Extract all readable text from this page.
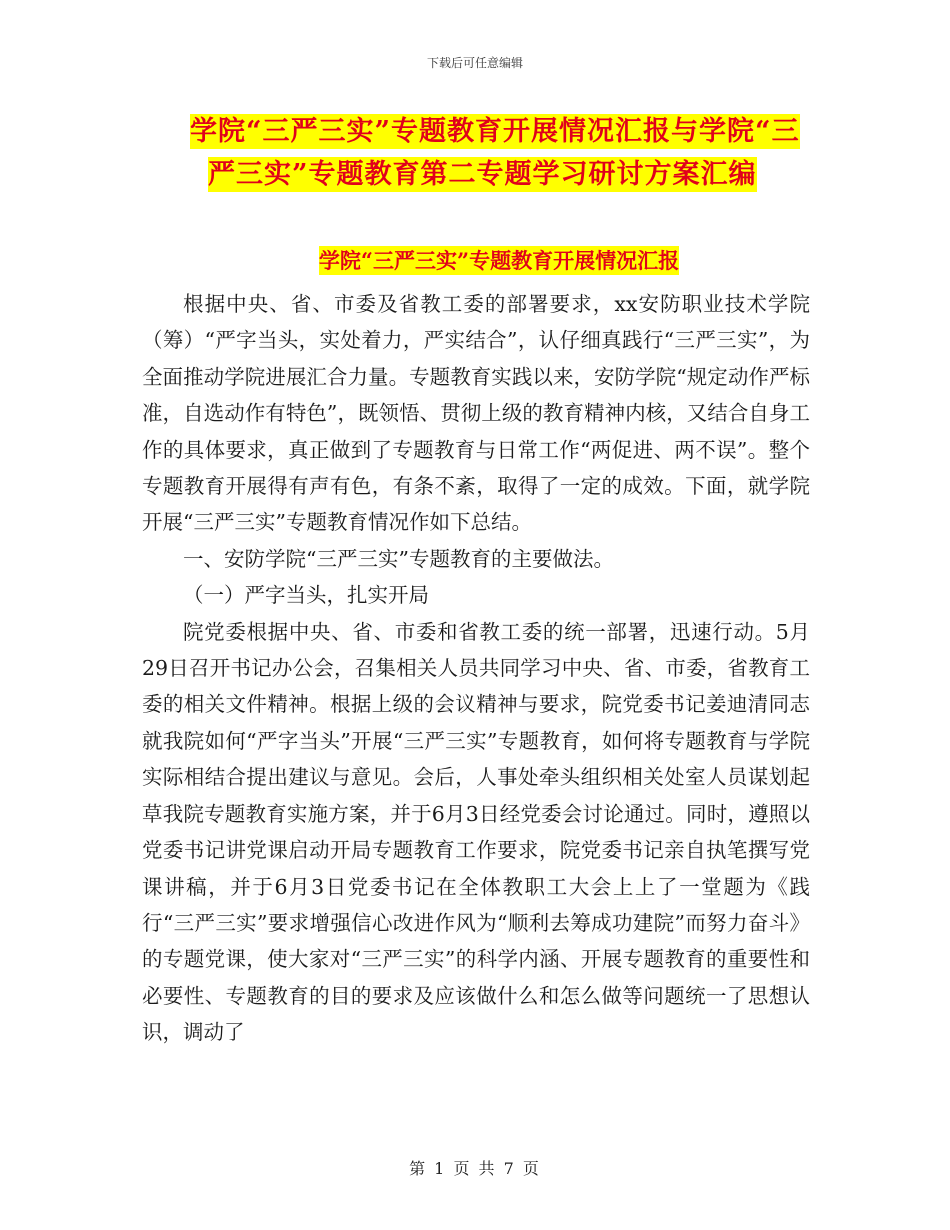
下载后可任意编辑
学院“三严三实”专题教育开展情况汇报与学院“三
严三实”专题教育第二专题学习研讨方案汇编
学院“三严三实”专题教育开展情况汇报

根据中央、省、市委及省教工委的部署要求，xx安防职业技术学院（筹）“严字当头，实处着力，严实结合”，认仔细真践行“三严三实”，为全面推动学院进展汇合力量。专题教育实践以来，安防学院“规定动作严标准，自选动作有特色”，既领悟、贯彻上级的教育精神内核，又结合自身工作的具体要求，真正做到了专题教育与日常工作“两促进、两不误”。整个专题教育开展得有声有色，有条不紊，取得了一定的成效。下面，就学院开展“三严三实”专题教育情况作如下总结。

一、安防学院“三严三实”专题教育的主要做法。

（一）严字当头，扎实开局

院党委根据中央、省、市委和省教工委的统一部署，迅速行动。5月29日召开书记办公会，召集相关人员共同学习中央、省、市委，省教育工委的相关文件精神。根据上级的会议精神与要求，院党委书记姜迪清同志就我院如何“严字当头”开展“三严三实”专题教育，如何将专题教育与学院实际相结合提出建议与意见。会后，人事处牵头组织相关处室人员谋划起草我院专题教育实施方案，并于6月3日经党委会讨论通过。同时，遵照以党委书记讲党课启动开局专题教育工作要求，院党委书记亲自执笔撰写党课讲稿，并于6月3日党委书记在全体教职工大会上上了一堂题为《践行“三严三实”要求增强信心改进作风为“顺利去筹成功建院”而努力奋斗》的专题党课，使大家对“三严三实”的科学内涵、开展专题教育的重要性和必要性、专题教育的目的要求及应该做什么和怎么做等问题统一了思想认识，调动了

第 1 页 共 7 页
